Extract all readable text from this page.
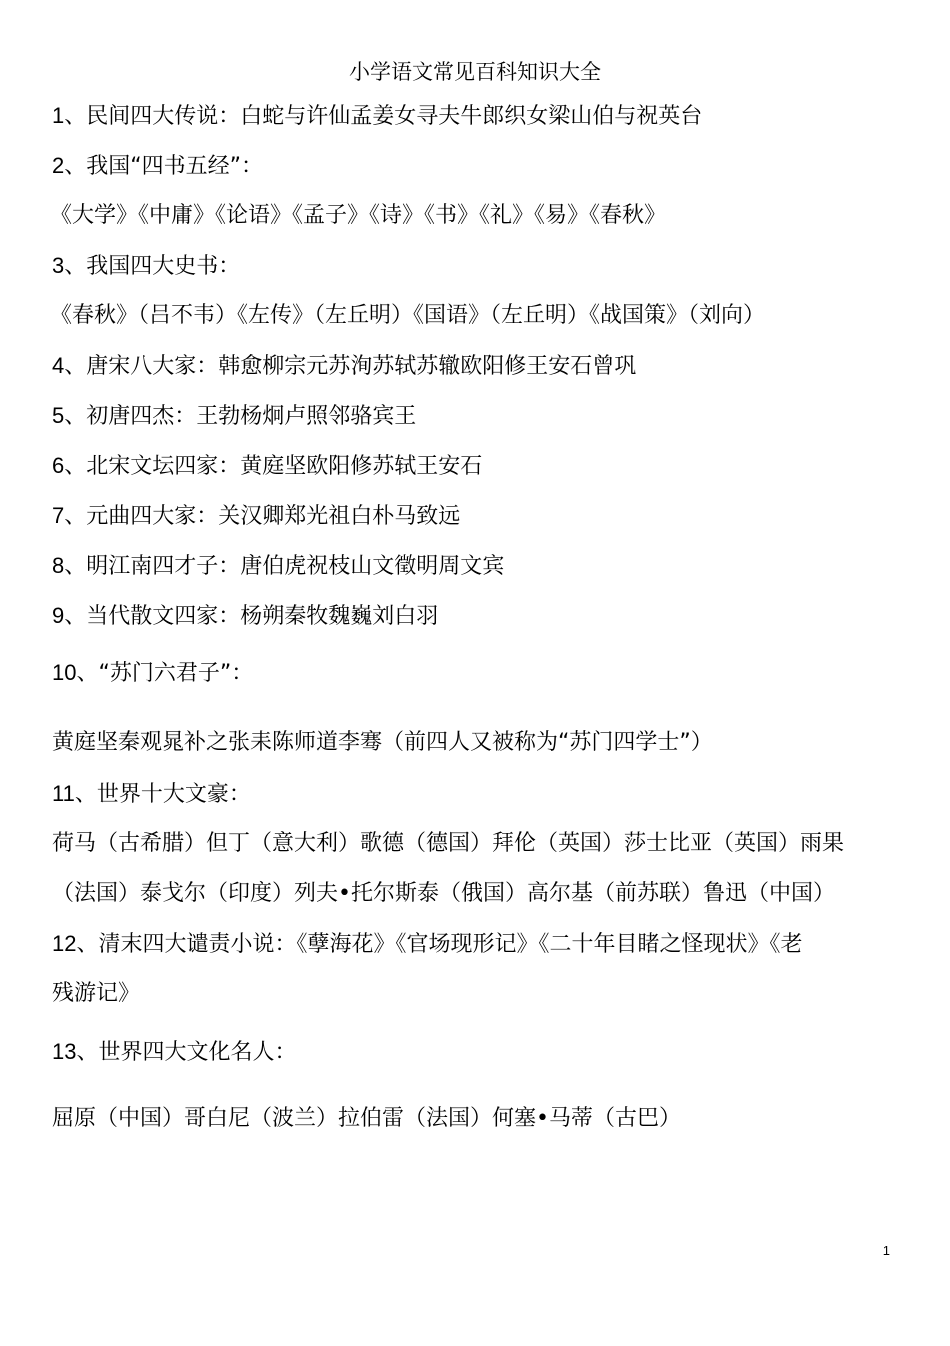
小学语文常见百科知识大全
1、民间四大传说：白蛇与许仙孟姜女寻夫牛郎织女梁山伯与祝英台
2、我国“四书五经”：
《大学》《中庸》《论语》《孟子》《诗》《书》《礼》《易》《春秋》
3、我国四大史书：
《春秋》（吕不韦）《左传》（左丘明）《国语》（左丘明）《战国策》（刘向）
4、唐宋八大家：韩愈柳宗元苏洵苏轼苏辙欧阳修王安石曾巩
5、初唐四杰：王勃杨炯卢照邻骆宾王
6、北宋文坛四家：黄庭坚欧阳修苏轼王安石
7、元曲四大家：关汉卿郑光祖白朴马致远
8、明江南四才子：唐伯虎祝枝山文徵明周文宾
9、当代散文四家：杨朔秦牧魏巍刘白羽
10、“苏门六君子”：
黄庭坚秦观晁补之张耒陈师道李骞（前四人又被称为“苏门四学士”）
11、世界十大文豪：
荷马（古希腊）但丁（意大利）歌德（德国）拜伦（英国）莎士比亚（英国）雨果
（法国）泰戈尔（印度）列夫•托尔斯泰（俄国）高尔基（前苏联）鲁迅（中国）
12、清末四大谴责小说：《孽海花》《官场现形记》《二十年目睹之怪现状》《老
残游记》
13、世界四大文化名人：
屈原（中国）哥白尼（波兰）拉伯雷（法国）何塞•马蒂（古巴）
1
